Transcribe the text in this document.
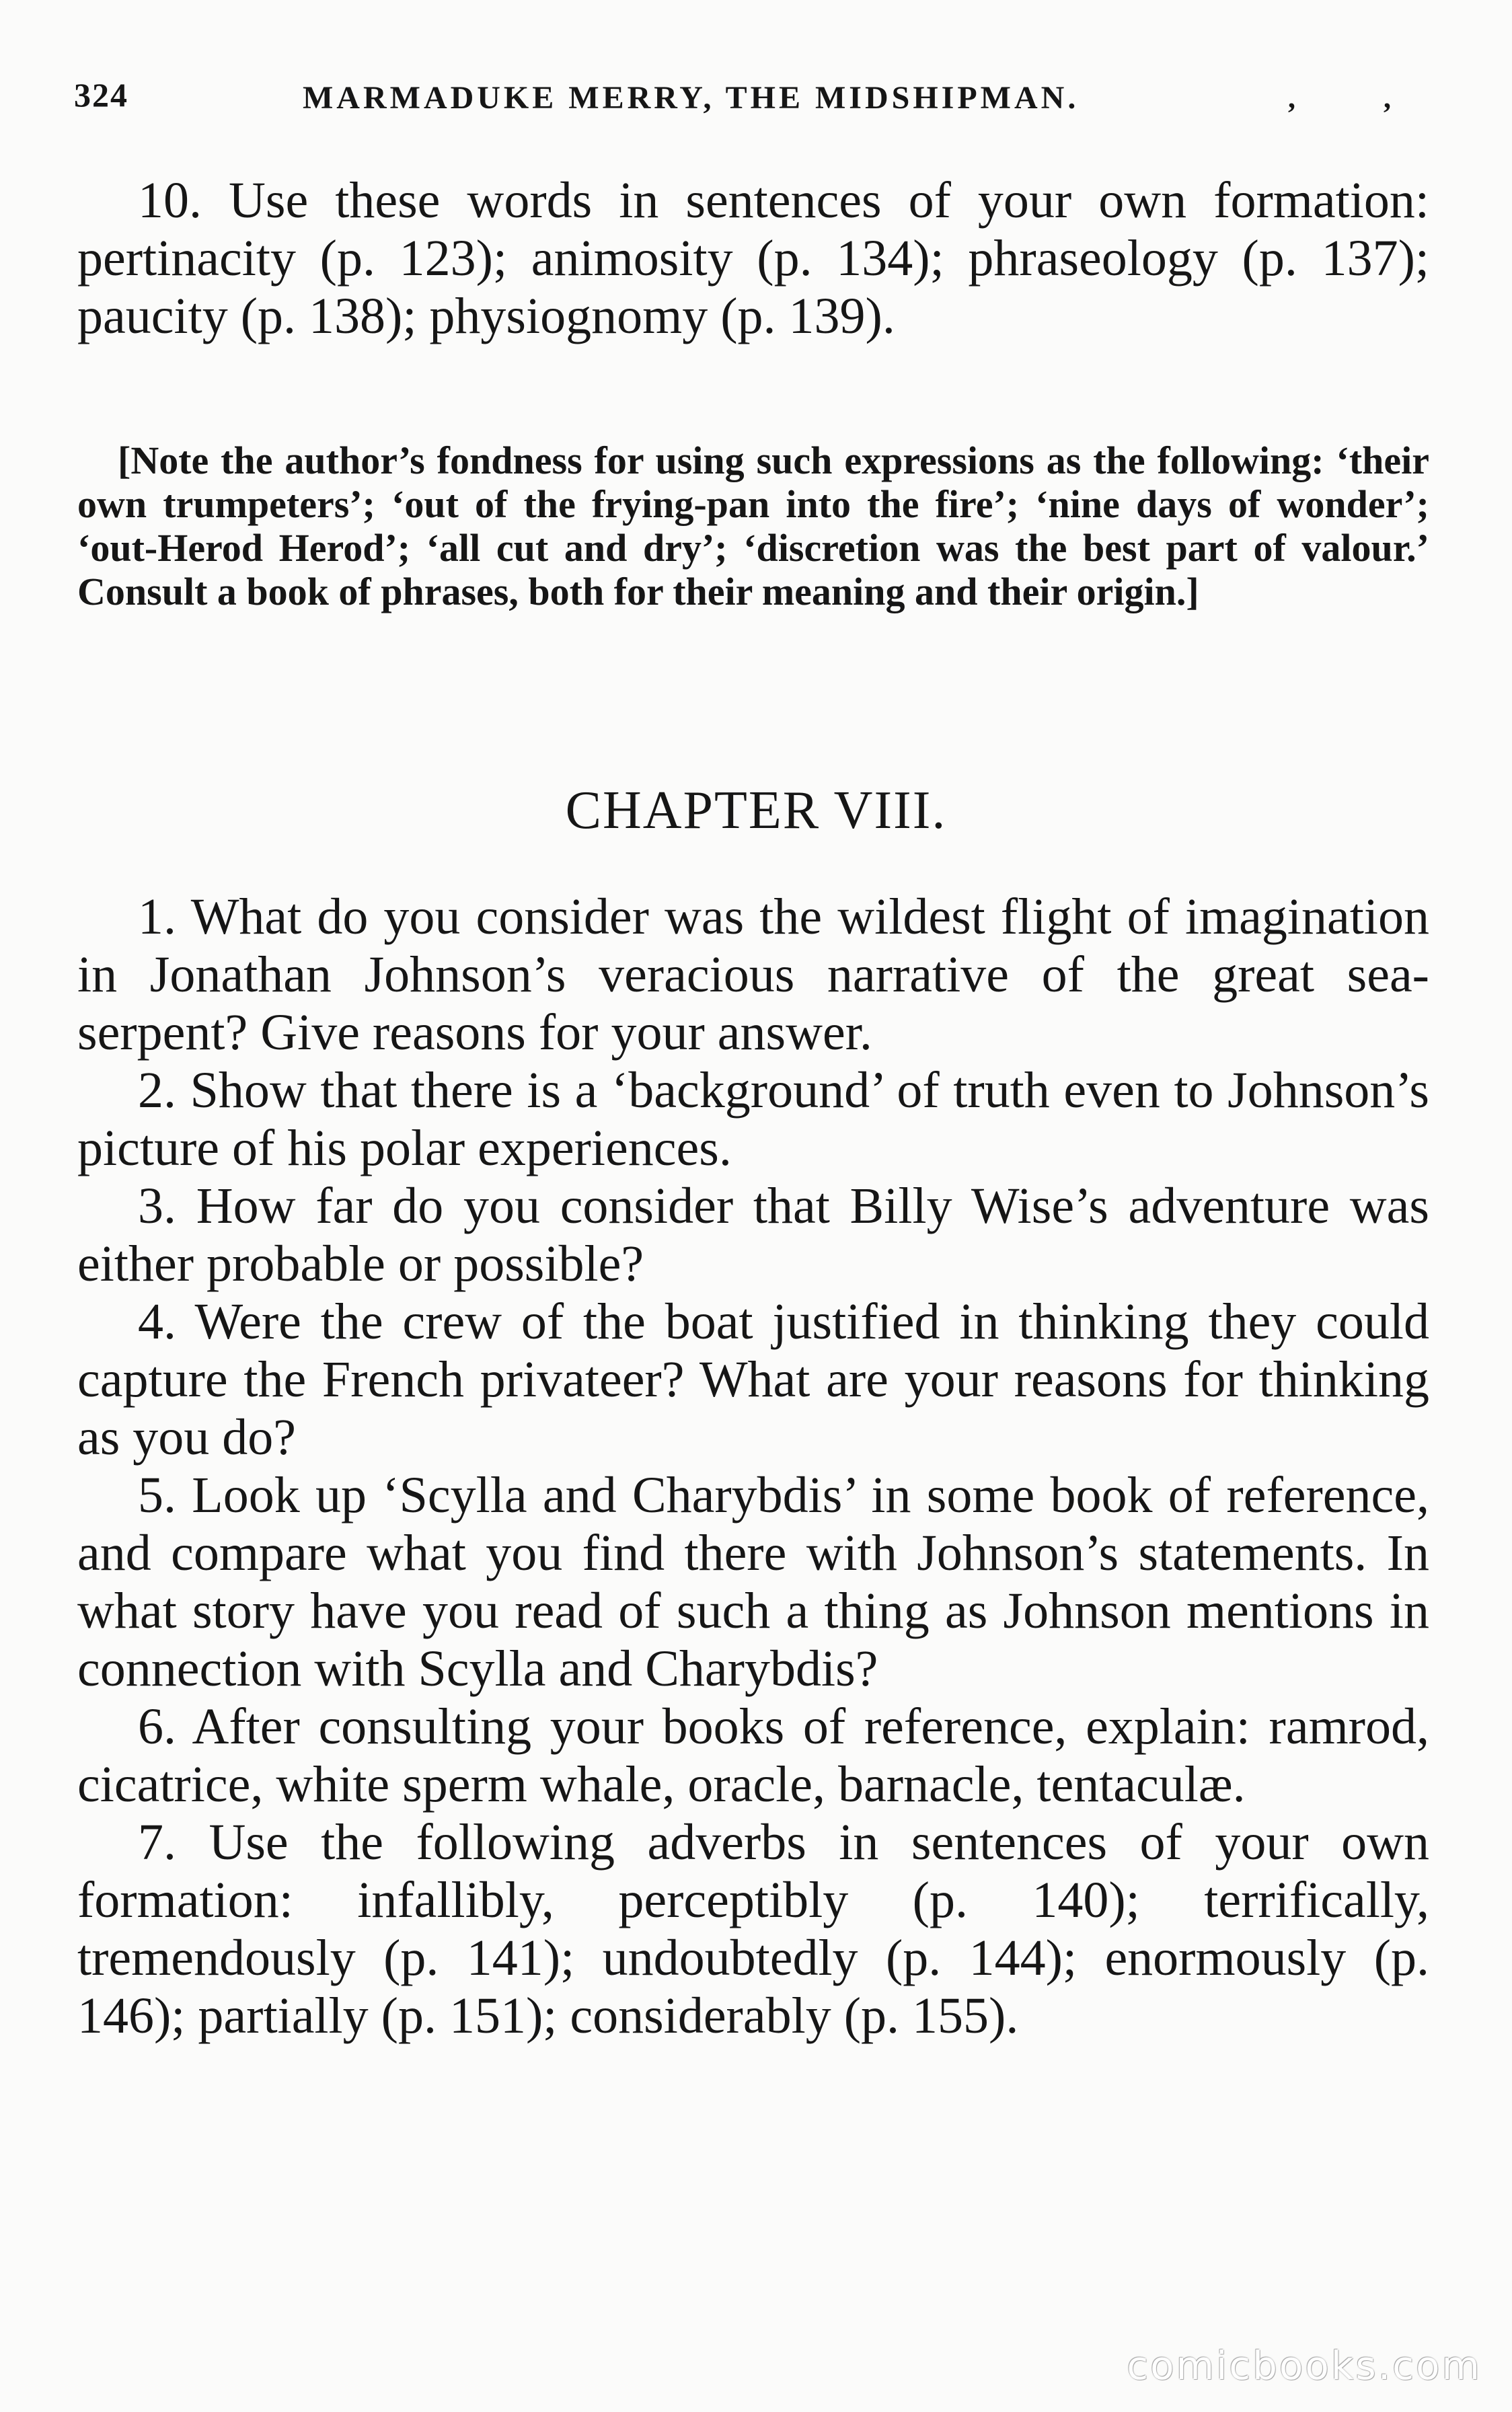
324	MARMADUKE MERRY, THE MIDSHIPMAN.	, ,

10. Use these words in sentences of your own formation: pertinacity (p. 123); animosity (p. 134); phraseology (p. 137); paucity (p. 138); physiognomy (p. 139).

[Note the author’s fondness for using such expressions as the following: ‘their own trumpeters’; ‘out of the frying-pan into the fire’; ‘nine days of wonder’; ‘out-Herod Herod’; ‘all cut and dry’; ‘discretion was the best part of valour.’ Consult a book of phrases, both for their meaning and their origin.]

CHAPTER VIII.

1. What do you consider was the wildest flight of imagination in Jonathan Johnson’s veracious narrative of the great sea-serpent? Give reasons for your answer.

2. Show that there is a ‘background’ of truth even to Johnson’s picture of his polar experiences.

3. How far do you consider that Billy Wise’s adventure was either probable or possible?

4. Were the crew of the boat justified in thinking they could capture the French privateer? What are your reasons for thinking as you do?

5. Look up ‘Scylla and Charybdis’ in some book of reference, and compare what you find there with Johnson’s statements. In what story have you read of such a thing as Johnson mentions in connection with Scylla and Charybdis?

6. After consulting your books of reference, explain: ramrod, cicatrice, white sperm whale, oracle, barnacle, tentaculæ.

7. Use the following adverbs in sentences of your own formation: infallibly, perceptibly (p. 140); terrifically, tremendously (p. 141); undoubtedly (p. 144); enormously (p. 146); partially (p. 151); considerably (p. 155).

comicbooks.com
